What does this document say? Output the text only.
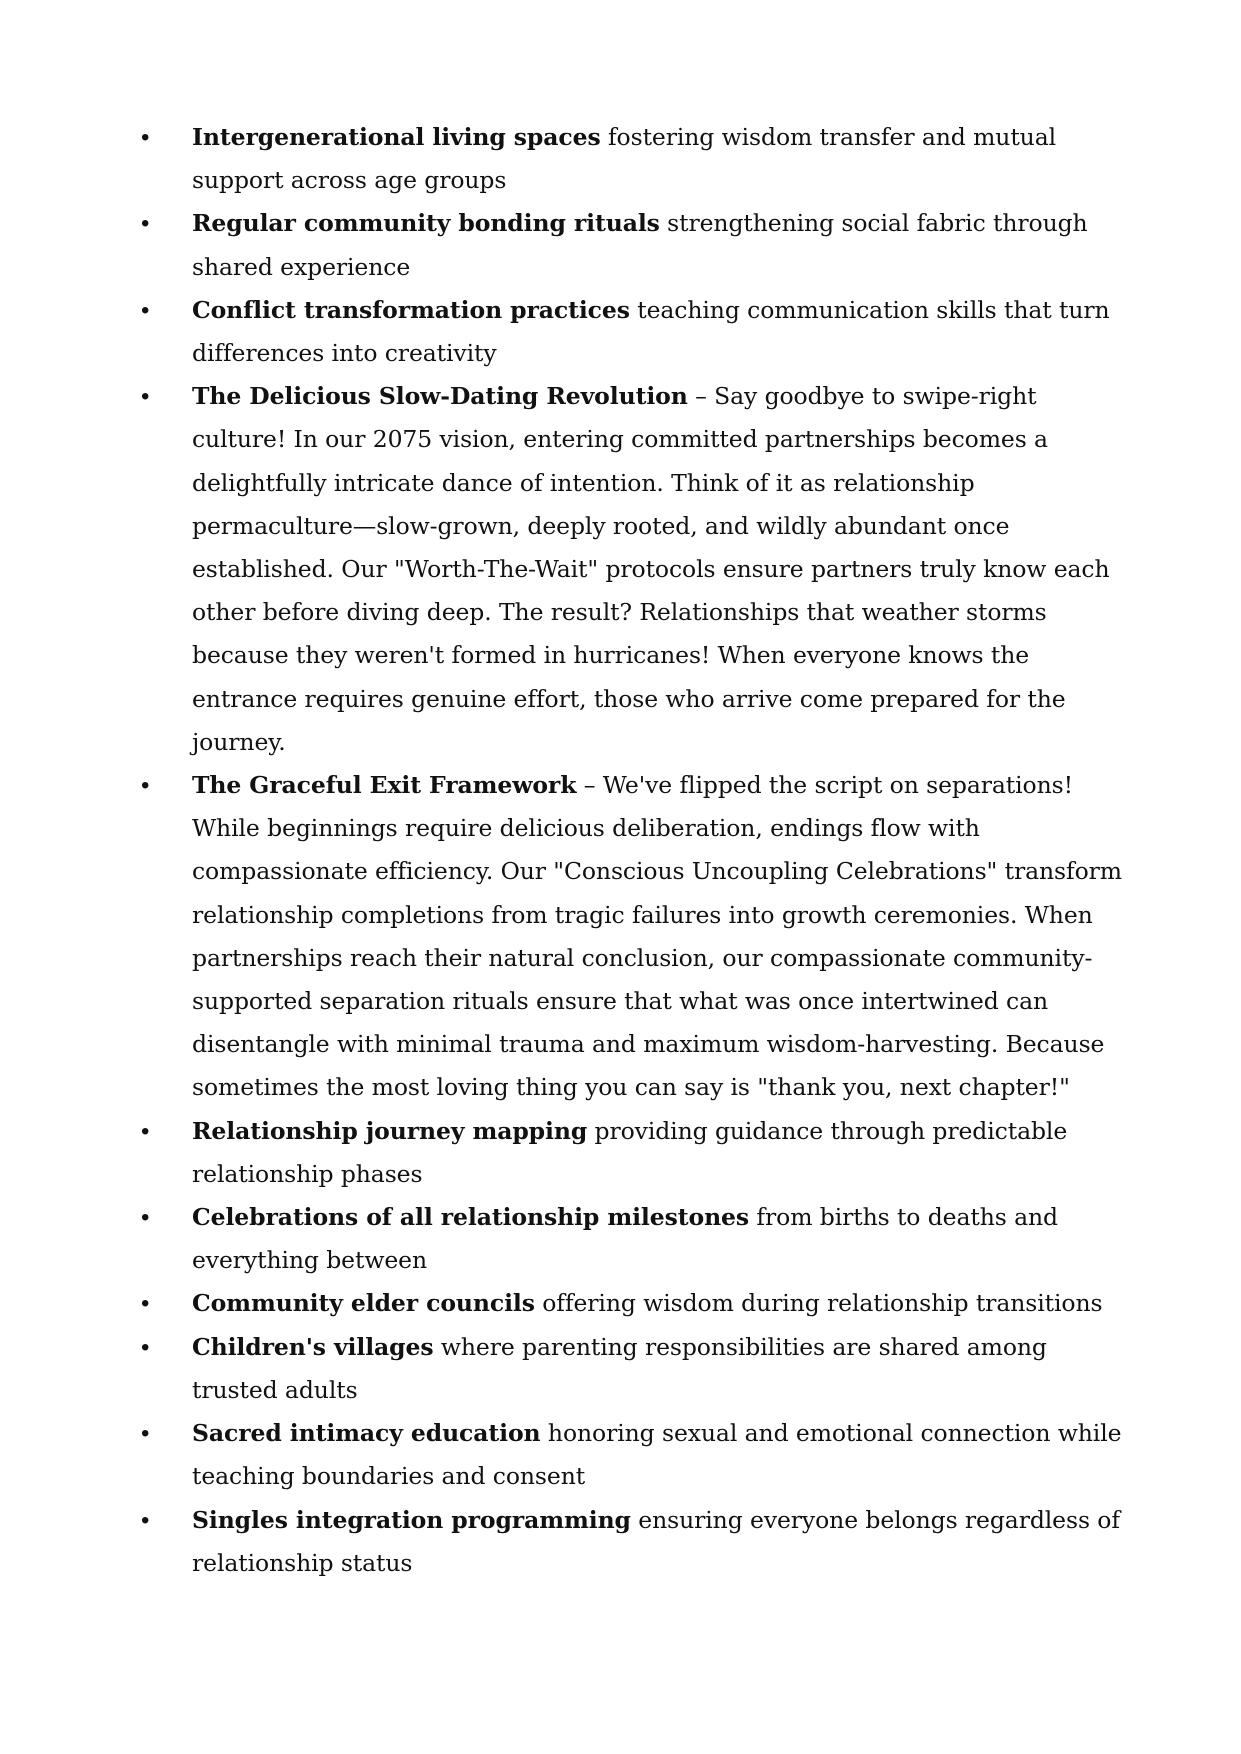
• Intergenerational living spaces fostering wisdom transfer and mutual support across age groups
• Regular community bonding rituals strengthening social fabric through shared experience
• Conflict transformation practices teaching communication skills that turn differences into creativity
• The Delicious Slow-Dating Revolution – Say goodbye to swipe-right culture! In our 2075 vision, entering committed partnerships becomes a delightfully intricate dance of intention. Think of it as relationship permaculture—slow-grown, deeply rooted, and wildly abundant once established. Our "Worth-The-Wait" protocols ensure partners truly know each other before diving deep. The result? Relationships that weather storms because they weren't formed in hurricanes! When everyone knows the entrance requires genuine effort, those who arrive come prepared for the journey.
• The Graceful Exit Framework – We've flipped the script on separations! While beginnings require delicious deliberation, endings flow with compassionate efficiency. Our "Conscious Uncoupling Celebrations" transform relationship completions from tragic failures into growth ceremonies. When partnerships reach their natural conclusion, our compassionate community-supported separation rituals ensure that what was once intertwined can disentangle with minimal trauma and maximum wisdom-harvesting. Because sometimes the most loving thing you can say is "thank you, next chapter!"
• Relationship journey mapping providing guidance through predictable relationship phases
• Celebrations of all relationship milestones from births to deaths and everything between
• Community elder councils offering wisdom during relationship transitions
• Children's villages where parenting responsibilities are shared among trusted adults
• Sacred intimacy education honoring sexual and emotional connection while teaching boundaries and consent
• Singles integration programming ensuring everyone belongs regardless of relationship status
